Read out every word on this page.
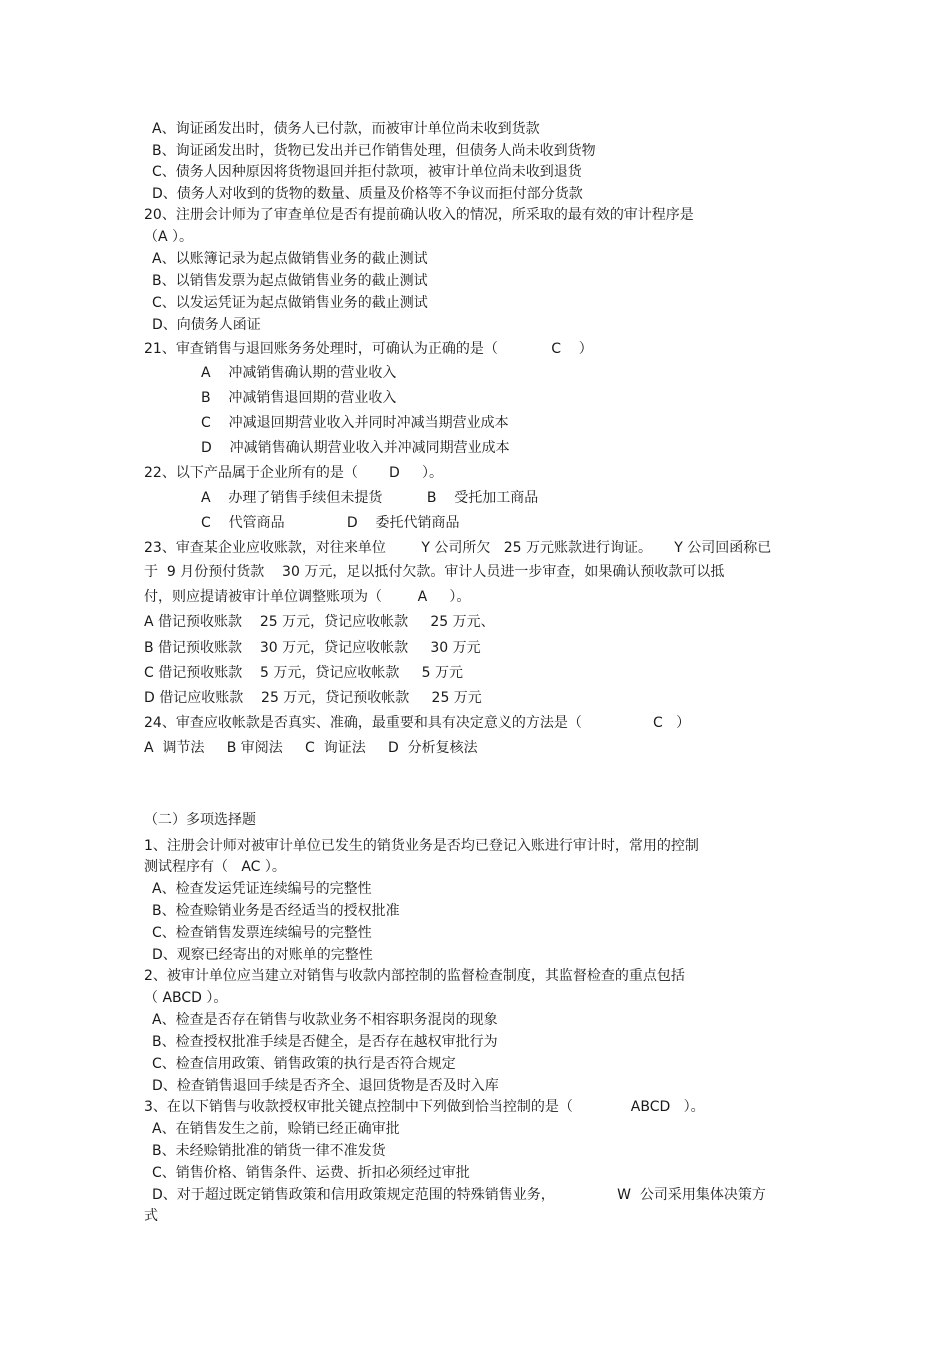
A、询证函发出时，债务人已付款，而被审计单位尚未收到货款
B、询证函发出时，货物已发出并已作销售处理，但债务人尚未收到货物
C、债务人因种原因将货物退回并拒付款项，被审计单位尚未收到退货
D、债务人对收到的货物的数量、质量及价格等不争议而拒付部分货款
20、注册会计师为了审查单位是否有提前确认收入的情况，所采取的最有效的审计程序是
（A ）。
A、以账簿记录为起点做销售业务的截止测试
B、以销售发票为起点做销售业务的截止测试
C、以发运凭证为起点做销售业务的截止测试
D、向债务人函证
21、审查销售与退回账务务处理时，可确认为正确的是（            C    ）
A    冲减销售确认期的营业收入
B    冲减销售退回期的营业收入
C    冲减退回期营业收入并同时冲减当期营业成本
D    冲减销售确认期营业收入并冲减同期营业成本
22、以下产品属于企业所有的是（       D     ）。
A    办理了销售手续但未提货          B    受托加工商品
C    代管商品              D    委托代销商品
23、审查某企业应收账款，对往来单位        Y 公司所欠   25 万元账款进行询证。     Y 公司回函称已
于  9 月份预付货款    30 万元，足以抵付欠款。审计人员进一步审查，如果确认预收款可以抵
付，则应提请被审计单位调整账项为（        A     ）。
A 借记预收账款    25 万元，贷记应收帐款     25 万元、
B 借记预收账款    30 万元，贷记应收帐款     30 万元
C 借记预收账款    5 万元，贷记应收帐款     5 万元
D 借记应收账款    25 万元，贷记预收帐款     25 万元
24、审查应收帐款是否真实、准确，最重要和具有决定意义的方法是（                C   ）
A  调节法     B 审阅法     C  询证法     D  分析复核法
（二）多项选择题
1、注册会计师对被审计单位已发生的销货业务是否均已登记入账进行审计时，常用的控制
测试程序有（   AC ）。
A、检查发运凭证连续编号的完整性
B、检查赊销业务是否经适当的授权批准
C、检查销售发票连续编号的完整性
D、观察已经寄出的对账单的完整性
2、被审计单位应当建立对销售与收款内部控制的监督检查制度，其监督检查的重点包括
（ ABCD ）。
A、检查是否存在销售与收款业务不相容职务混岗的现象
B、检查授权批准手续是否健全，是否存在越权审批行为
C、检查信用政策、销售政策的执行是否符合规定
D、检查销售退回手续是否齐全、退回货物是否及时入库
3、在以下销售与收款授权审批关键点控制中下列做到恰当控制的是（             ABCD   ）。
A、在销售发生之前，赊销已经正确审批
B、未经赊销批准的销货一律不准发货
C、销售价格、销售条件、运费、折扣必须经过审批
D、对于超过既定销售政策和信用政策规定范围的特殊销售业务，              W  公司采用集体决策方
式
